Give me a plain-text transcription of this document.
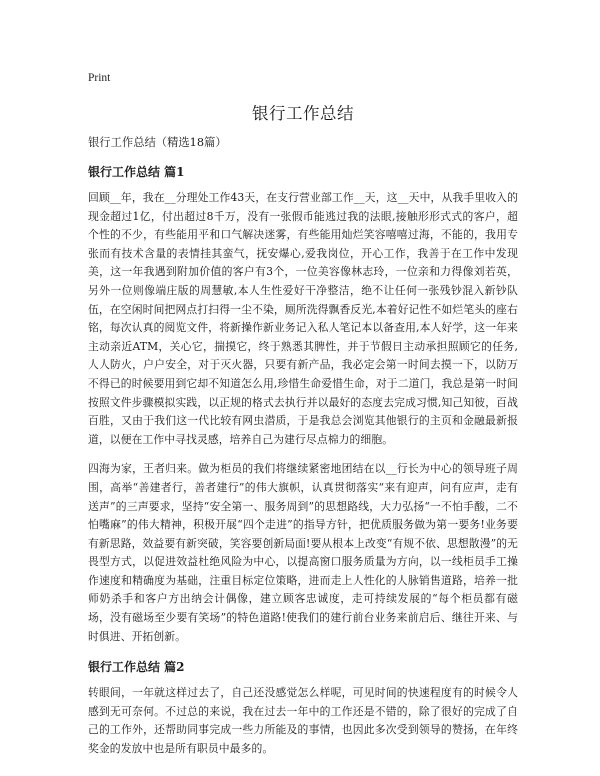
Print
银行工作总结
银行工作总结（精选18篇）
银行工作总结 篇1

回顾__年，我在__分理处工作43天，在支行营业部工作__天，这__天中，从我手里收入的现金超过1亿，付出超过8千万，没有一张假币能逃过我的法眼,接触形形式式的客户，超个性的不少，有些能用平和口气解决迷雾，有些能用灿烂笑容嘻嘻过海，不能的，我用专张而有技术含量的表情挂其蛮气，抚安爆心,爱我岗位，开心工作，我善于在工作中发现美，这一年我遇到附加价值的客户有3个，一位美容像林志玲，一位亲和力得像刘若英，另外一位则像端庄版的周慧敏,本人生性爱好干净整洁，绝不让任何一张残钞混入新钞队伍，在空闲时间把网点打扫得一尘不染，厕所洗得飘香反光,本着好记性不如烂笔头的座右铭，每次认真的阅览文件，将新操作新业务记入私人笔记本以备查用,本人好学，这一年来主动亲近ATM，关心它，揣摸它，终于熟悉其脾性，并于节假日主动承担照顾它的任务,人人防火，户户安全，对于灭火器，只要有新产品，我必定会第一时间去摸一下，以防万不得已的时候要用到它却不知道怎么用,珍惜生命爱惜生命，对于二道门，我总是第一时间按照文件步骤模拟实践，以正规的格式去执行并以最好的态度去完成习惯,知己知彼，百战百胜，又由于我们这一代比较有网虫潜质，于是我总会浏览其他银行的主页和金融最新报道，以便在工作中寻找灵感，培养自己为建行尽点棉力的细胞。

四海为家，王者归来。做为柜员的我们将继续紧密地团结在以__行长为中心的领导班子周围，高举“善建者行，善者建行”的伟大旗帜，认真贯彻落实“来有迎声，问有应声，走有送声”的三声要求，坚持“安全第一、服务周到”的思想路线，大力弘扬“一不怕手酸，二不怕嘴麻”的伟大精神，积极开展“四个走进”的指导方针，把优质服务做为第一要务!业务要有新思路，效益要有新突破，笑容要创新局面!要从根本上改变“有规不依、思想散漫”的无畏型方式，以促进效益杜绝风险为中心，以提高窗口服务质量为方向，以一线柜员手工操作速度和精确度为基础，注重目标定位策略，进而走上人性化的人脉销售道路，培养一批师奶杀手和客户方出纳会计偶像，建立顾客忠诚度，走可持续发展的“每个柜员都有磁场，没有磁场至少要有笑场”的特色道路!使我们的建行前台业务来前启后、继往开来、与时俱进、开拓创新。

银行工作总结 篇2

转眼间，一年就这样过去了，自己还没感觉怎么样呢，可见时间的快速程度有的时候令人感到无可奈何。不过总的来说，我在过去一年中的工作还是不错的，除了很好的完成了自己的工作外，还帮助同事完成一些力所能及的事情，也因此多次受到领导的赞扬，在年终奖金的发放中也是所有职员中最多的。
